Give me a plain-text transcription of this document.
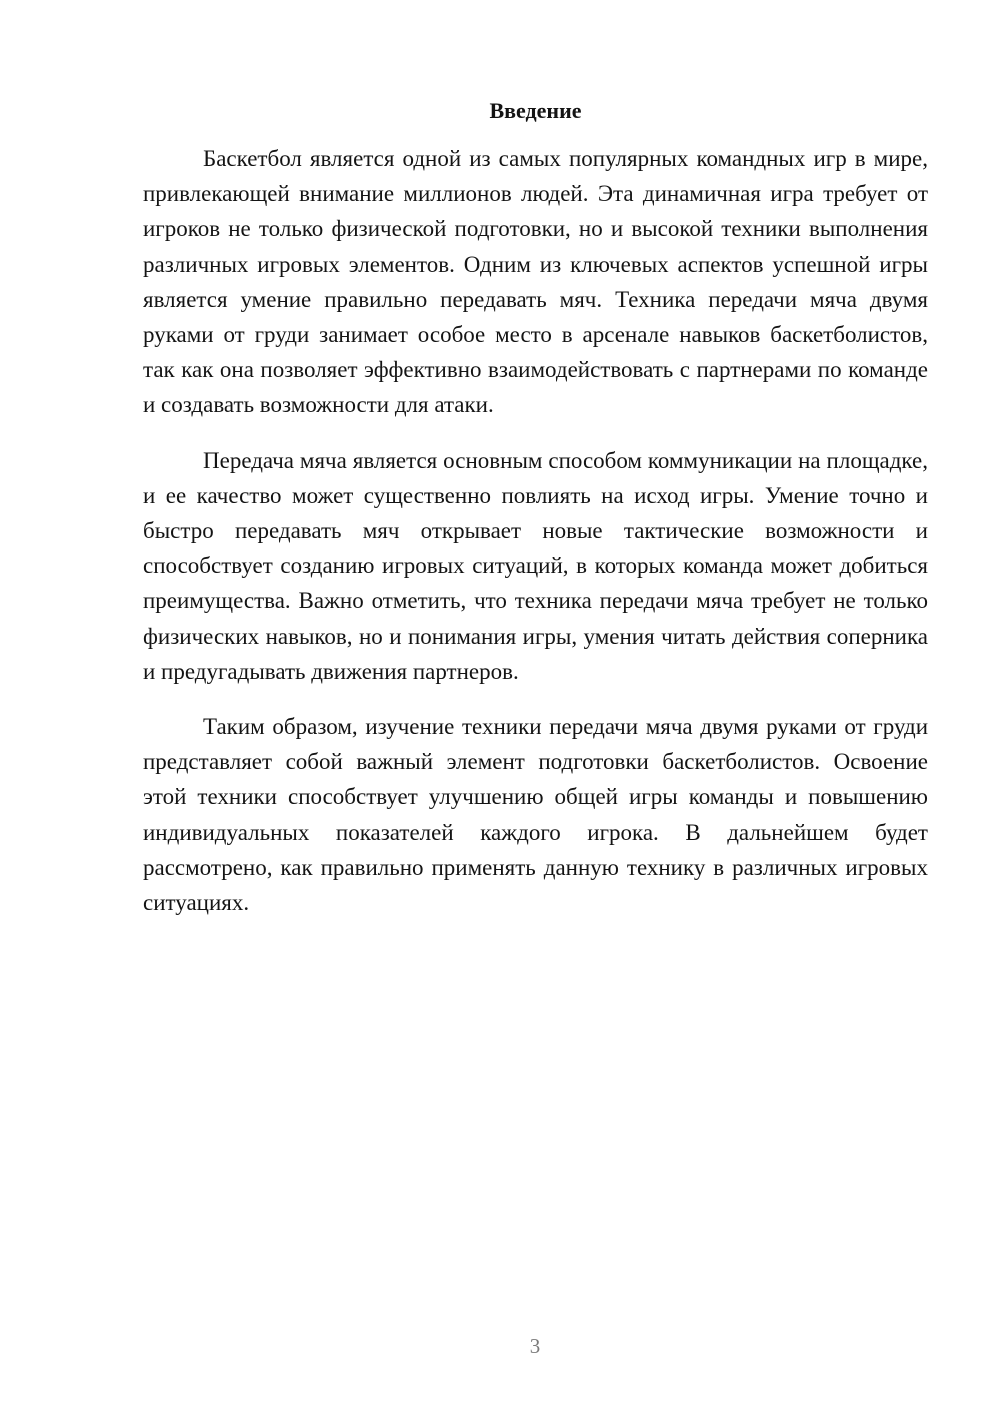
Введение

Баскетбол является одной из самых популярных командных игр в мире, привлекающей внимание миллионов людей. Эта динамичная игра требует от игроков не только физической подготовки, но и высокой техники выполнения различных игровых элементов. Одним из ключевых аспектов успешной игры является умение правильно передавать мяч. Техника передачи мяча двумя руками от груди занимает особое место в арсенале навыков баскетболистов, так как она позволяет эффективно взаимодействовать с партнерами по команде и создавать возможности для атаки.

Передача мяча является основным способом коммуникации на площадке, и ее качество может существенно повлиять на исход игры. Умение точно и быстро передавать мяч открывает новые тактические возможности и способствует созданию игровых ситуаций, в которых команда может добиться преимущества. Важно отметить, что техника передачи мяча требует не только физических навыков, но и понимания игры, умения читать действия соперника и предугадывать движения партнеров.

Таким образом, изучение техники передачи мяча двумя руками от груди представляет собой важный элемент подготовки баскетболистов. Освоение этой техники способствует улучшению общей игры команды и повышению индивидуальных показателей каждого игрока. В дальнейшем будет рассмотрено, как правильно применять данную технику в различных игровых ситуациях.

3
